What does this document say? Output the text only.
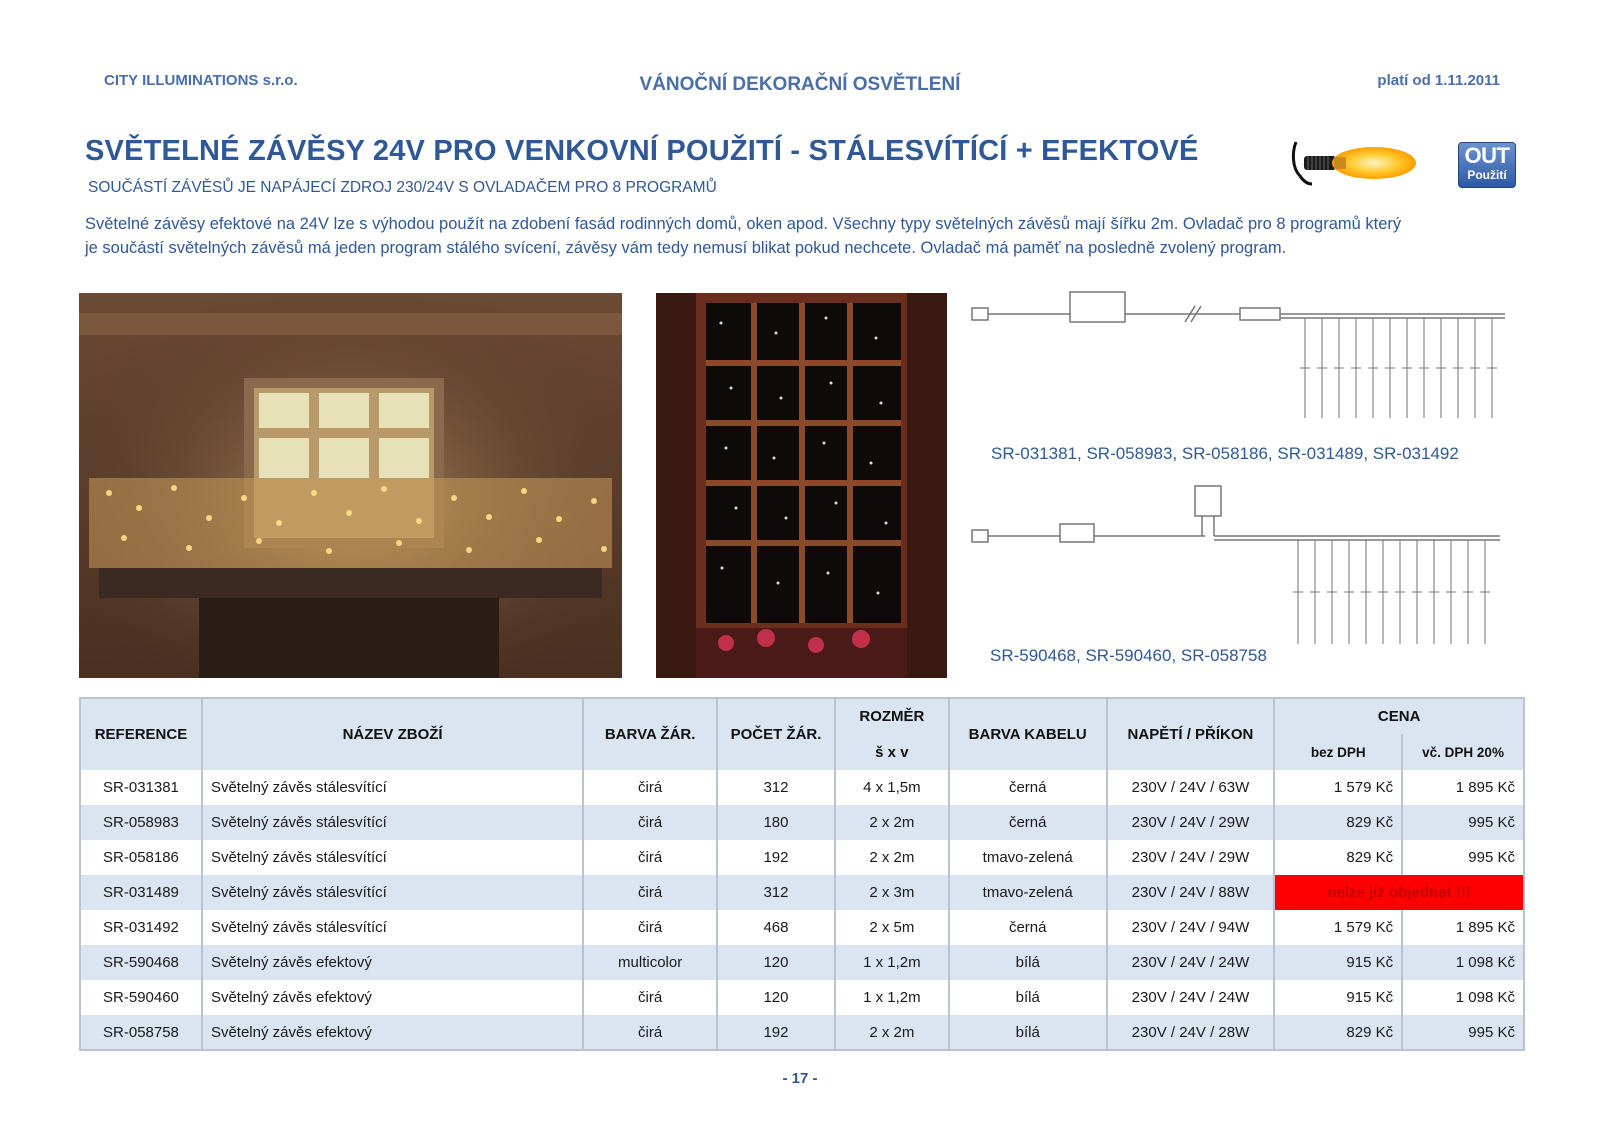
CITY ILLUMINATIONS s.r.o.	VÁNOČNÍ DEKORAČNÍ OSVĚTLENÍ	platí od 1.11.2011
SVĚTELNÉ ZÁVĚSY 24V PRO VENKOVNÍ POUŽITÍ - STÁLESVÍTÍCÍ + EFEKTOVÉ
SOUČÁSTÍ ZÁVĚSŮ JE NAPÁJECÍ ZDROJ 230/24V S OVLADAČEM PRO 8 PROGRAMŮ
Světelné závěsy efektové na 24V lze s výhodou použít na zdobení fasád rodinných domů, oken apod. Všechny typy světelných závěsů mají šířku 2m. Ovladač pro 8 programů který
je součástí světelných závěsů má jeden program stálého svícení, závěsy vám tedy nemusí blikat pokud nechcete. Ovladač má paměť na posledně zvolený program.
OUT
Použití
SR-031381, SR-058983, SR-058186, SR-031489, SR-031492
SR-590468, SR-590460, SR-058758
REFERENCE	NÁZEV ZBOŽÍ	BARVA ŽÁR.	POČET ŽÁR.	ROZMĚR	BARVA KABELU	NAPĚTÍ / PŘÍKON	CENA	
				š x v			bez DPH	vč. DPH 20%
SR-031381	Světelný závěs stálesvítící	čirá	312	4 x 1,5m	černá	230V / 24V / 63W	1 579 Kč	1 895 Kč
SR-058983	Světelný závěs stálesvítící	čirá	180	2 x 2m	černá	230V / 24V / 29W	829 Kč	995 Kč
SR-058186	Světelný závěs stálesvítící	čirá	192	2 x 2m	tmavo-zelená	230V / 24V / 29W	829 Kč	995 Kč
SR-031489	Světelný závěs stálesvítící	čirá	312	2 x 3m	tmavo-zelená	230V / 24V / 88W	nelze již objednat !!!	
SR-031492	Světelný závěs stálesvítící	čirá	468	2 x 5m	černá	230V / 24V / 94W	1 579 Kč	1 895 Kč
SR-590468	Světelný závěs efektový	multicolor	120	1 x 1,2m	bílá	230V / 24V / 24W	915 Kč	1 098 Kč
SR-590460	Světelný závěs efektový	čirá	120	1 x 1,2m	bílá	230V / 24V / 24W	915 Kč	1 098 Kč
SR-058758	Světelný závěs efektový	čirá	192	2 x 2m	bílá	230V / 24V / 28W	829 Kč	995 Kč
- 17 -
